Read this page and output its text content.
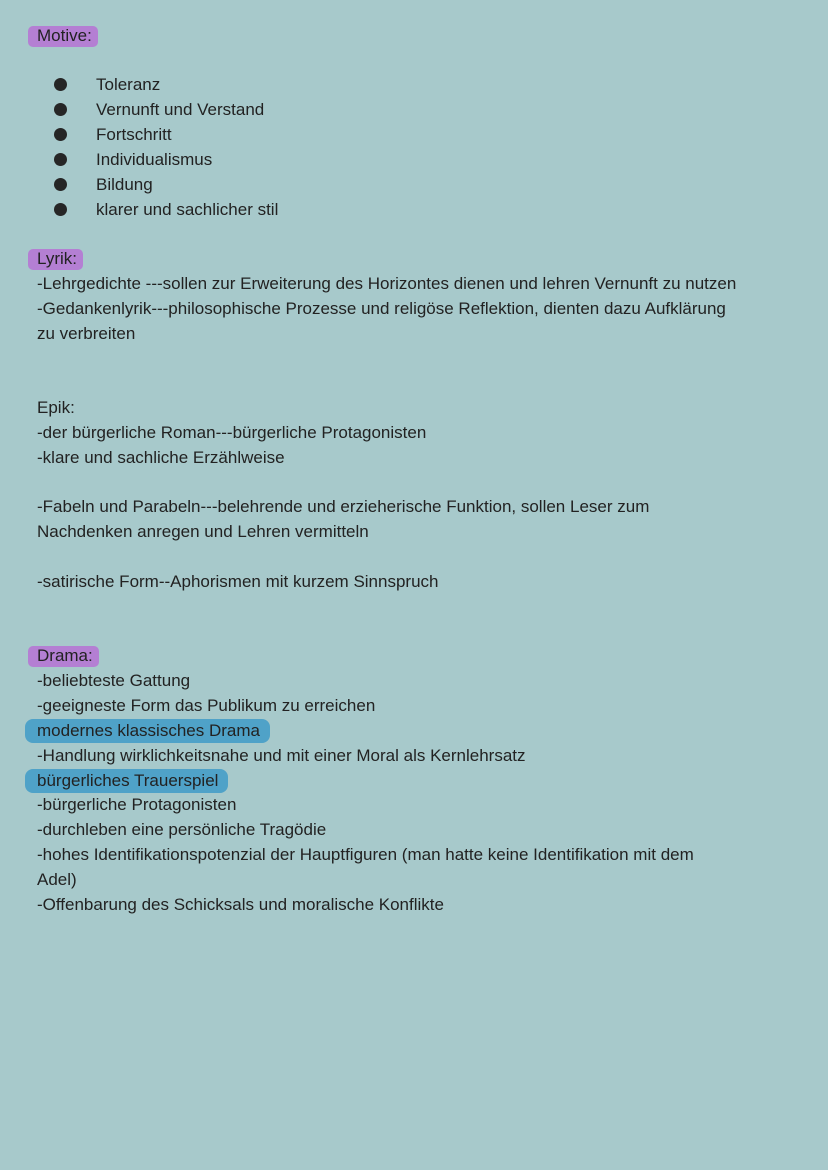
Motive:
Toleranz
Vernunft und Verstand
Fortschritt
Individualismus
Bildung
klarer und sachlicher stil
Lyrik:
-Lehrgedichte ---sollen zur Erweiterung des Horizontes dienen und lehren Vernunft zu nutzen
-Gedankenlyrik---philosophische Prozesse und religöse Reflektion, dienten dazu Aufklärung
zu verbreiten
Epik:
-der bürgerliche Roman---bürgerliche Protagonisten
-klare und sachliche Erzählweise
-Fabeln und Parabeln---belehrende und erzieherische Funktion, sollen Leser zum
Nachdenken anregen und Lehren vermitteln
-satirische Form--Aphorismen mit kurzem Sinnspruch
Drama:
-beliebteste Gattung
-geeigneste Form das Publikum zu erreichen
modernes klassisches Drama
-Handlung wirklichkeitsnahe und mit einer Moral als Kernlehrsatz
bürgerliches Trauerspiel
-bürgerliche Protagonisten
-durchleben eine persönliche Tragödie
-hohes Identifikationspotenzial der Hauptfiguren (man hatte keine Identifikation mit dem
Adel)
-Offenbarung des Schicksals und moralische Konflikte
